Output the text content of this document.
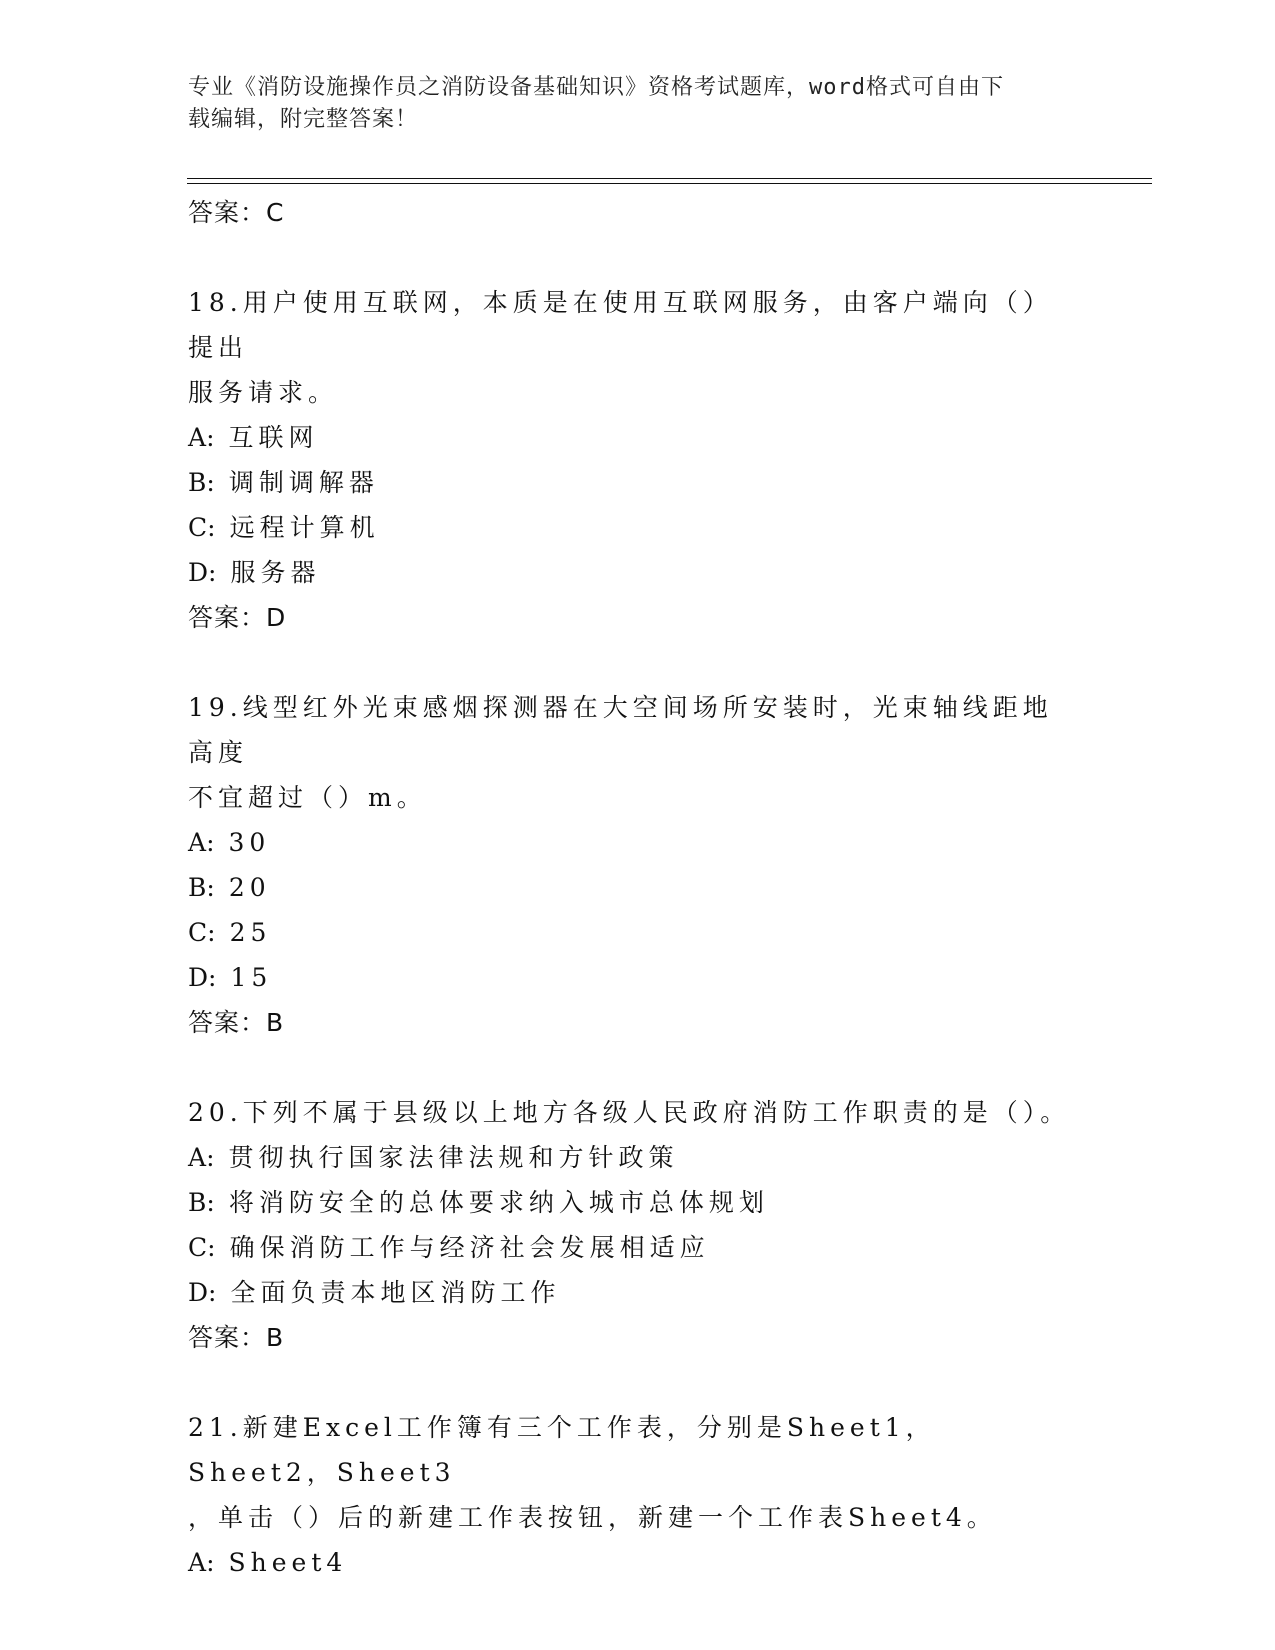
专业《消防设施操作员之消防设备基础知识》资格考试题库，word格式可自由下
载编辑，附完整答案！
答案：C
18.用户使用互联网，本质是在使用互联网服务，由客户端向（）提出
服务请求。
A: 互联网
B: 调制调解器
C: 远程计算机
D: 服务器
答案：D
19.线型红外光束感烟探测器在大空间场所安装时，光束轴线距地高度
不宜超过（）m。
A: 30
B: 20
C: 25
D: 15
答案：B
20.下列不属于县级以上地方各级人民政府消防工作职责的是（）。
A: 贯彻执行国家法律法规和方针政策
B: 将消防安全的总体要求纳入城市总体规划
C: 确保消防工作与经济社会发展相适应
D: 全面负责本地区消防工作
答案：B
21.新建Excel工作簿有三个工作表，分别是Sheet1，Sheet2，Sheet3
，单击（）后的新建工作表按钮，新建一个工作表Sheet4。
A: Sheet4
